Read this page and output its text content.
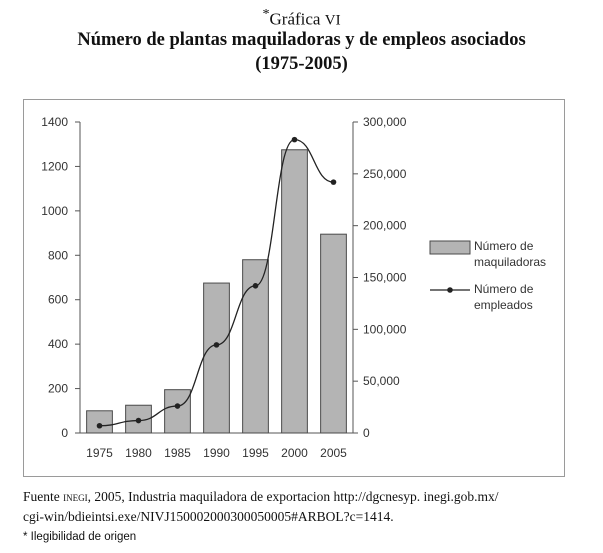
*Gráfica VI
Número de plantas maquiladoras y de empleos asociados
(1975-2005)
0
200
400
600
800
1000
1200
1400
0
50,000
100,000
150,000
200,000
250,000
300,000
1975 1980 1985 1990 1995 2000 2005
Número de
maquiladoras
Número de
empleados
Fuente inegi, 2005, Industria maquiladora de exportacion http://dgcnesyp. inegi.gob.mx/
cgi-win/bdieintsi.exe/NIVJ150002000300050005#ARBOL?c=1414.
* Ilegibilidad de origen
